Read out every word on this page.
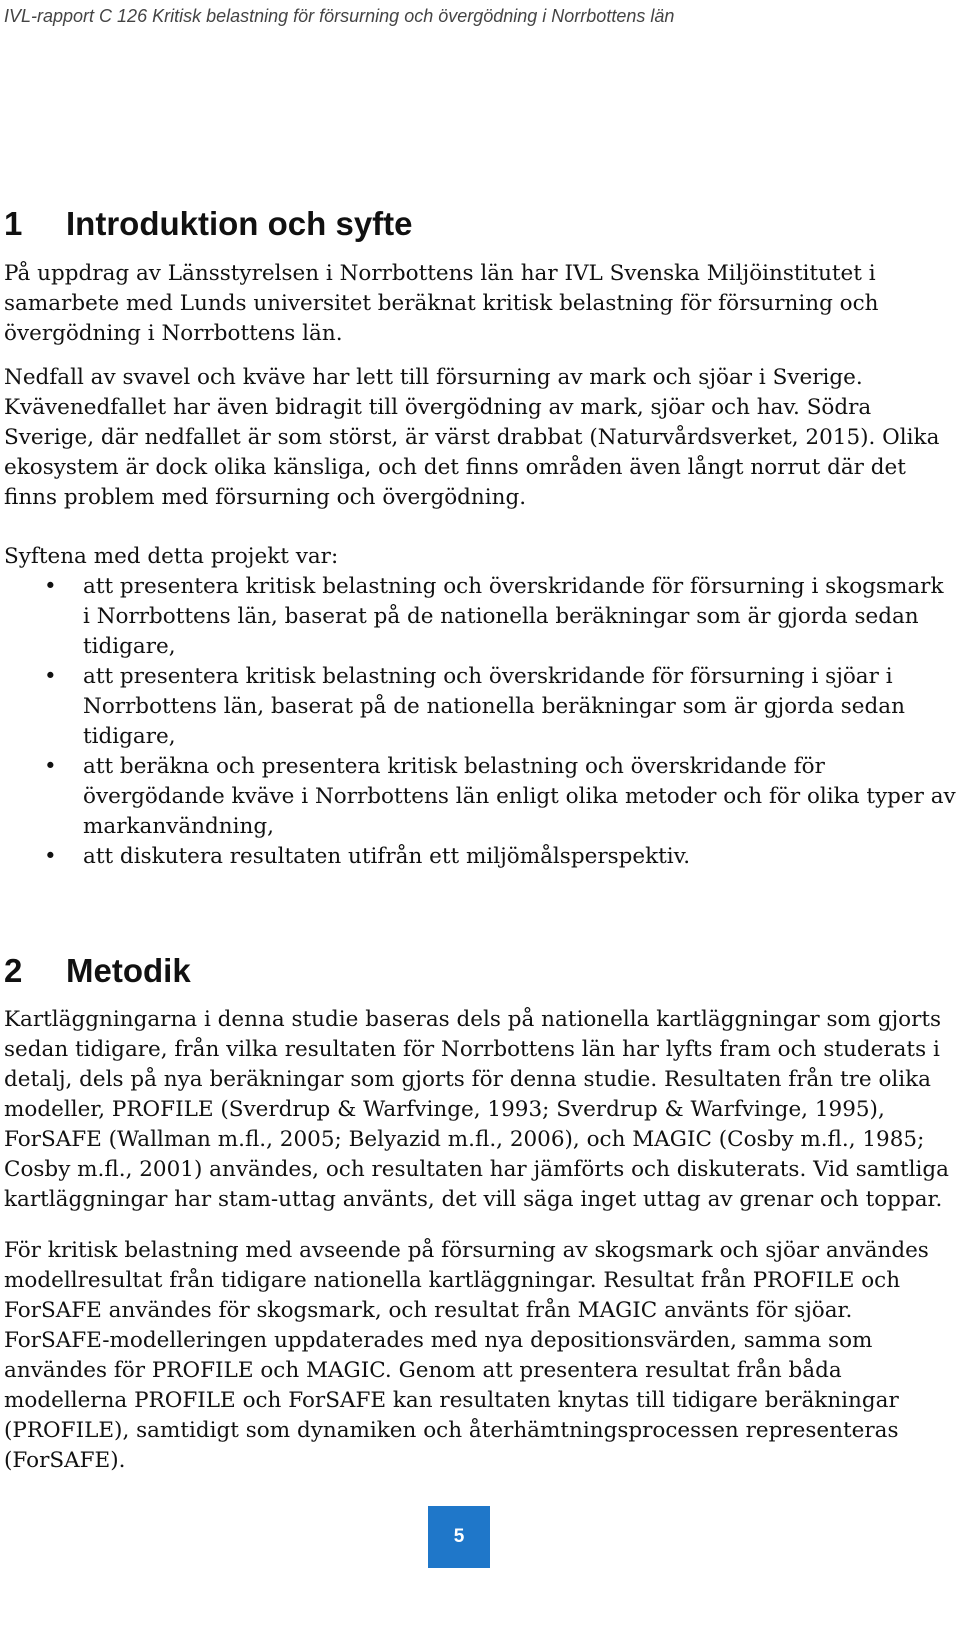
IVL-rapport C 126 Kritisk belastning för försurning och övergödning i Norrbottens län
1 Introduktion och syfte

På uppdrag av Länsstyrelsen i Norrbottens län har IVL Svenska Miljöinstitutet i samarbete med Lunds universitet beräknat kritisk belastning för försurning och övergödning i Norrbottens län.

Nedfall av svavel och kväve har lett till försurning av mark och sjöar i Sverige. Kvävenedfallet har även bidragit till övergödning av mark, sjöar och hav. Södra Sverige, där nedfallet är som störst, är värst drabbat (Naturvårdsverket, 2015). Olika ekosystem är dock olika känsliga, och det finns områden även långt norrut där det finns problem med försurning och övergödning.

Syftena med detta projekt var:

• att presentera kritisk belastning och överskridande för försurning i skogsmark i Norrbottens län, baserat på de nationella beräkningar som är gjorda sedan tidigare,
• att presentera kritisk belastning och överskridande för försurning i sjöar i Norrbottens län, baserat på de nationella beräkningar som är gjorda sedan tidigare,
• att beräkna och presentera kritisk belastning och överskridande för övergödande kväve i Norrbottens län enligt olika metoder och för olika typer av markanvändning,
• att diskutera resultaten utifrån ett miljömålsperspektiv.
2 Metodik

Kartläggningarna i denna studie baseras dels på nationella kartläggningar som gjorts sedan tidigare, från vilka resultaten för Norrbottens län har lyfts fram och studerats i detalj, dels på nya beräkningar som gjorts för denna studie. Resultaten från tre olika modeller, PROFILE (Sverdrup & Warfvinge, 1993; Sverdrup & Warfvinge, 1995), ForSAFE (Wallman m.fl., 2005; Belyazid m.fl., 2006), och MAGIC (Cosby m.fl., 1985; Cosby m.fl., 2001) användes, och resultaten har jämförts och diskuterats. Vid samtliga kartläggningar har stam-uttag använts, det vill säga inget uttag av grenar och toppar.

För kritisk belastning med avseende på försurning av skogsmark och sjöar användes modellresultat från tidigare nationella kartläggningar. Resultat från PROFILE och ForSAFE användes för skogsmark, och resultat från MAGIC använts för sjöar. ForSAFE-modelleringen uppdaterades med nya depositionsvärden, samma som användes för PROFILE och MAGIC. Genom att presentera resultat från båda modellerna PROFILE och ForSAFE kan resultaten knytas till tidigare beräkningar (PROFILE), samtidigt som dynamiken och återhämtningsprocessen representeras (ForSAFE).

5
